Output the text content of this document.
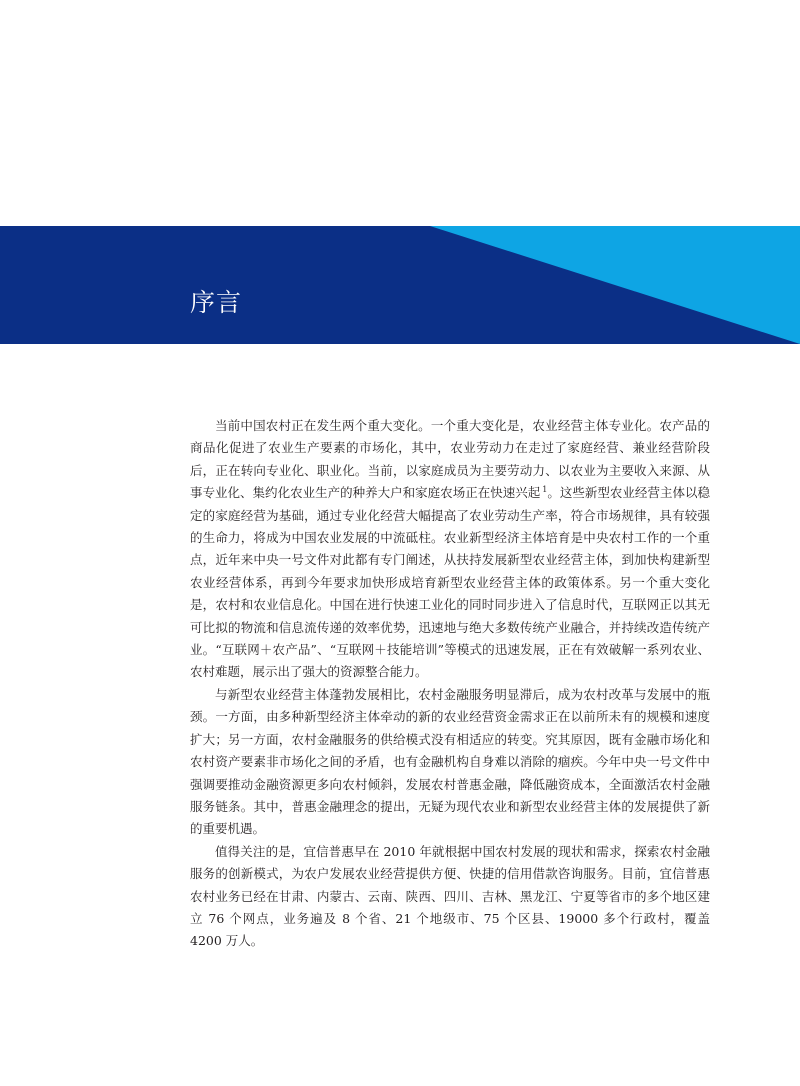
序言

当前中国农村正在发生两个重大变化。一个重大变化是，农业经营主体专业化。农产品的商品化促进了农业生产要素的市场化，其中，农业劳动力在走过了家庭经营、兼业经营阶段后，正在转向专业化、职业化。当前，以家庭成员为主要劳动力、以农业为主要收入来源、从事专业化、集约化农业生产的种养大户和家庭农场正在快速兴起 $^1$。这些新型农业经营主体以稳定的家庭经营为基础，通过专业化经营大幅提高了农业劳动生产率，符合市场规律，具有较强的生命力，将成为中国农业发展的中流砥柱。农业新型经济主体培育是中央农村工作的一个重点，近年来中央一号文件对此都有专门阐述，从扶持发展新型农业经营主体，到加快构建新型农业经营体系，再到今年要求加快形成培育新型农业经营主体的政策体系。另一个重大变化是，农村和农业信息化。中国在进行快速工业化的同时同步进入了信息时代，互联网正以其无可比拟的物流和信息流传递的效率优势，迅速地与绝大多数传统产业融合，并持续改造传统产业。“互联网＋农产品”、“互联网＋技能培训”等模式的迅速发展，正在有效破解一系列农业、农村难题，展示出了强大的资源整合能力。

与新型农业经营主体蓬勃发展相比，农村金融服务明显滞后，成为农村改革与发展中的瓶颈。一方面，由多种新型经济主体牵动的新的农业经营资金需求正在以前所未有的规模和速度扩大；另一方面，农村金融服务的供给模式没有相适应的转变。究其原因，既有金融市场化和农村资产要素非市场化之间的矛盾，也有金融机构自身难以消除的痼疾。今年中央一号文件中强调要推动金融资源更多向农村倾斜，发展农村普惠金融，降低融资成本，全面激活农村金融服务链条。其中，普惠金融理念的提出，无疑为现代农业和新型农业经营主体的发展提供了新的重要机遇。

值得关注的是，宜信普惠早在 2010 年就根据中国农村发展的现状和需求，探索农村金融服务的创新模式，为农户发展农业经营提供方便、快捷的信用借款咨询服务。目前，宜信普惠农村业务已经在甘肃、内蒙古、云南、陕西、四川、吉林、黑龙江、宁夏等省市的多个地区建立 76 个网点，业务遍及 8 个省、21 个地级市、75 个区县、19000 多个行政村，覆盖 4200 万人。
